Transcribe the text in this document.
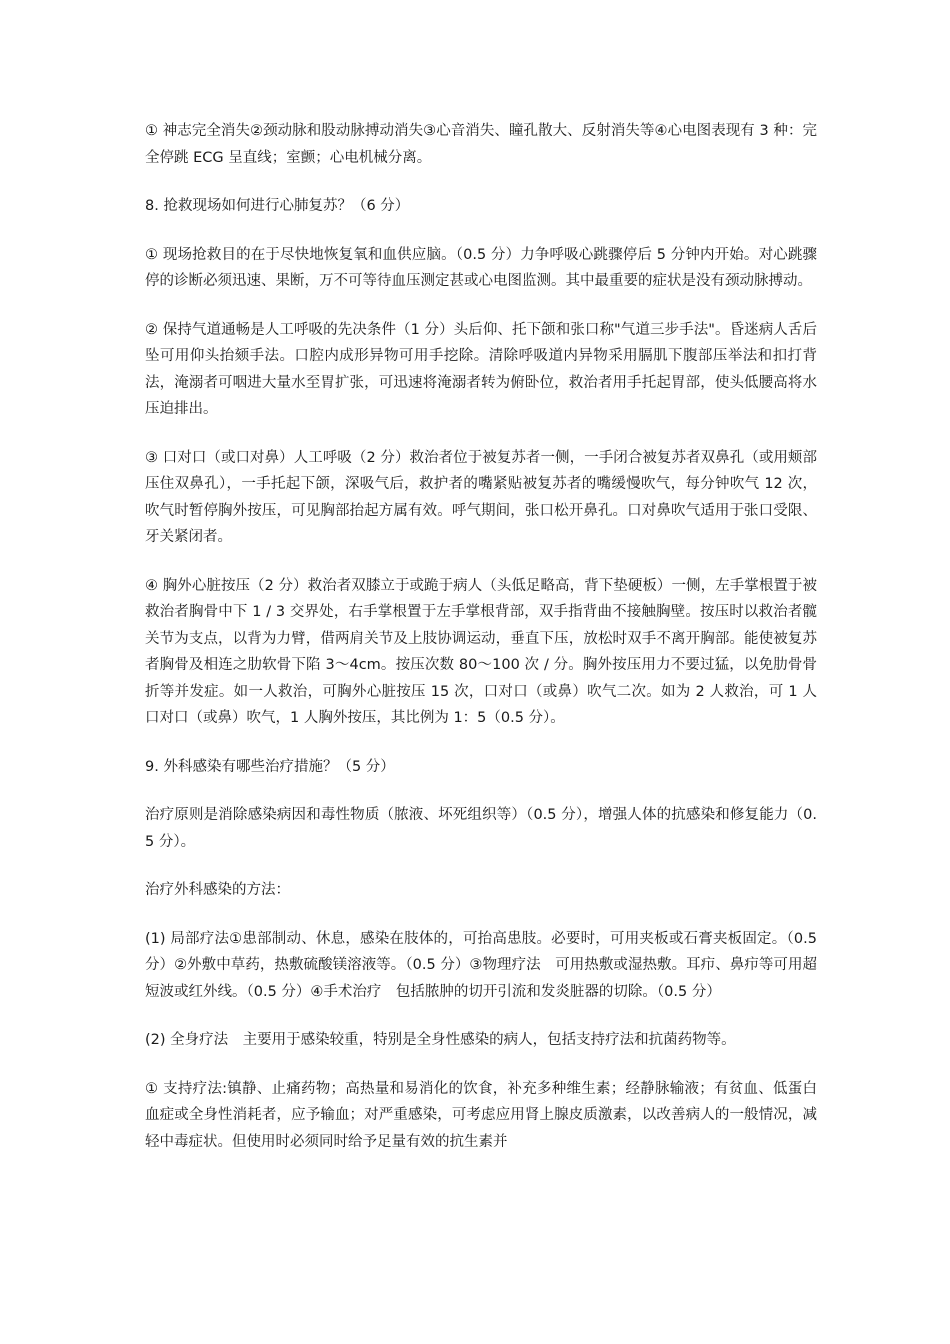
① 神志完全消失②颈动脉和股动脉搏动消失③心音消失、瞳孔散大、反射消失等④心电图表现有 3 种：完全停跳 ECG 呈直线；室颤；心电机械分离。

8. 抢救现场如何进行心肺复苏？（6 分）

① 现场抢救目的在于尽快地恢复氧和血供应脑。（0.5 分）力争呼吸心跳骤停后 5 分钟内开始。对心跳骤停的诊断必须迅速、果断，万不可等待血压测定甚或心电图监测。其中最重要的症状是没有颈动脉搏动。

② 保持气道通畅是人工呼吸的先决条件（1 分）头后仰、托下颌和张口称"气道三步手法"。昏迷病人舌后坠可用仰头抬颏手法。口腔内成形异物可用手挖除。清除呼吸道内异物采用膈肌下腹部压举法和扣打背法，淹溺者可咽进大量水至胃扩张，可迅速将淹溺者转为俯卧位，救治者用手托起胃部，使头低腰高将水压迫排出。

③ 口对口（或口对鼻）人工呼吸（2 分）救治者位于被复苏者一侧，一手闭合被复苏者双鼻孔（或用颊部压住双鼻孔），一手托起下颌，深吸气后，救护者的嘴紧贴被复苏者的嘴缓慢吹气，每分钟吹气 12 次，吹气时暂停胸外按压，可见胸部抬起方属有效。呼气期间，张口松开鼻孔。口对鼻吹气适用于张口受限、牙关紧闭者。

④ 胸外心脏按压（2 分）救治者双膝立于或跪于病人（头低足略高，背下垫硬板）一侧，左手掌根置于被救治者胸骨中下 1 / 3 交界处，右手掌根置于左手掌根背部，双手指背曲不接触胸壁。按压时以救治者髋关节为支点，以背为力臂，借两肩关节及上肢协调运动，垂直下压，放松时双手不离开胸部。能使被复苏者胸骨及相连之肋软骨下陷 3～4cm。按压次数 80～100 次 / 分。胸外按压用力不要过猛，以免肋骨骨折等并发症。如一人救治，可胸外心脏按压 15 次，口对口（或鼻）吹气二次。如为 2 人救治，可 1 人口对口（或鼻）吹气，1 人胸外按压，其比例为 1：5（0.5 分）。

9. 外科感染有哪些治疗措施？（5 分）

治疗原则是消除感染病因和毒性物质（脓液、坏死组织等）（0.5 分），增强人体的抗感染和修复能力（0.5 分）。

治疗外科感染的方法：

(1) 局部疗法①患部制动、休息，感染在肢体的，可抬高患肢。必要时，可用夹板或石膏夹板固定。（0.5 分）②外敷中草药，热敷硫酸镁溶液等。（0.5 分）③物理疗法　可用热敷或湿热敷。耳疖、鼻疖等可用超短波或红外线。（0.5 分）④手术治疗　包括脓肿的切开引流和发炎脏器的切除。（0.5 分）

(2) 全身疗法　主要用于感染较重，特别是全身性感染的病人，包括支持疗法和抗菌药物等。

① 支持疗法:镇静、止痛药物；高热量和易消化的饮食，补充多种维生素；经静脉输液；有贫血、低蛋白血症或全身性消耗者，应予输血；对严重感染，可考虑应用肾上腺皮质激素，以改善病人的一般情况，减轻中毒症状。但使用时必须同时给予足量有效的抗生素并
